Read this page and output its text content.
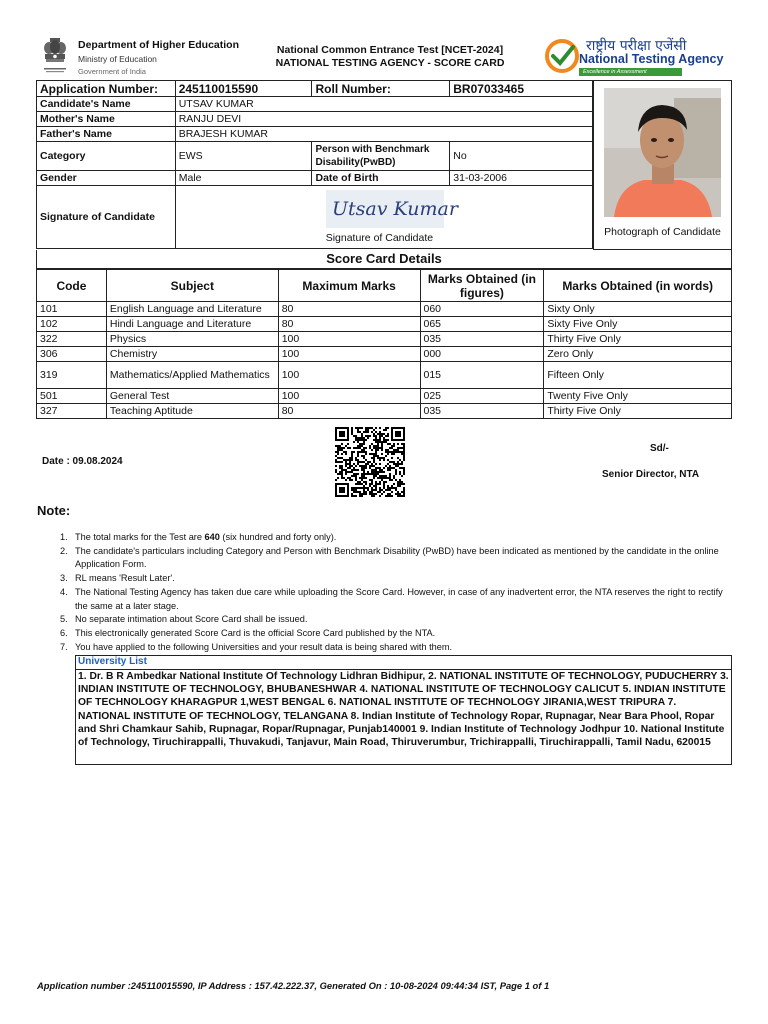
Department of Higher Education
Ministry of Education
Government of India
National Common Entrance Test [NCET-2024]
NATIONAL TESTING AGENCY - SCORE CARD
राष्ट्रीय परीक्षा एजेंसी
National Testing Agency
Excellence in Assessment
Application Number:	245110015590	Roll Number:	BR07033465
Candidate's Name	UTSAV KUMAR		
Mother's Name	RANJU DEVI		
Father's Name	BRAJESH KUMAR		
Category	EWS	Person with Benchmark Disability(PwBD)	No
Gender	Male	Date of Birth	31-03-2006
Signature of Candidate	Utsav Kumar
Signature of Candidate			Photograph of Candidate
Score Card Details
Code	Subject	Maximum Marks	Marks Obtained (in figures)	Marks Obtained (in words)
101	English Language and Literature	80	060	Sixty Only
102	Hindi Language and Literature	80	065	Sixty Five Only
322	Physics	100	035	Thirty Five Only
306	Chemistry	100	000	Zero Only
319	Mathematics/Applied Mathematics	100	015	Fifteen Only
501	General Test	100	025	Twenty Five Only
327	Teaching Aptitude	80	035	Thirty Five Only
Date : 09.08.2024
Sd/-
Senior Director, NTA
Note:
1. The total marks for the Test are 640 (six hundred and forty only).
2. The candidate's particulars including Category and Person with Benchmark Disability (PwBD) have been indicated as mentioned by the candidate in the online Application Form.
3. RL means 'Result Later'.
4. The National Testing Agency has taken due care while uploading the Score Card. However, in case of any inadvertent error, the NTA reserves the right to rectify the same at a later stage.
5. No separate intimation about Score Card shall be issued.
6. This electronically generated Score Card is the official Score Card published by the NTA.
7. You have applied to the following Universities and your result data is being shared with them.
University List
1. Dr. B R Ambedkar National Institute Of Technology Lidhran Bidhipur, 2. NATIONAL INSTITUTE OF TECHNOLOGY, PUDUCHERRY 3. INDIAN INSTITUTE OF TECHNOLOGY, BHUBANESHWAR 4. NATIONAL INSTITUTE OF TECHNOLOGY CALICUT 5. INDIAN INSTITUTE OF TECHNOLOGY KHARAGPUR 1,WEST BENGAL 6. NATIONAL INSTITUTE OF TECHNOLOGY JIRANIA,WEST TRIPURA 7. NATIONAL INSTITUTE OF TECHNOLOGY, TELANGANA 8. Indian Institute of Technology Ropar, Rupnagar, Near Bara Phool, Ropar and Shri Chamkaur Sahib, Rupnagar, Ropar/Rupnagar, Punjab140001 9. Indian Institute of Technology Jodhpur 10. National Institute of Technology, Tiruchirappalli, Thuvakudi, Tanjavur, Main Road, Thiruverumbur, Trichirappalli, Tiruchirappalli, Tamil Nadu, 620015
Application number :245110015590, IP Address : 157.42.222.37, Generated On : 10-08-2024 09:44:34 IST, Page 1 of 1
